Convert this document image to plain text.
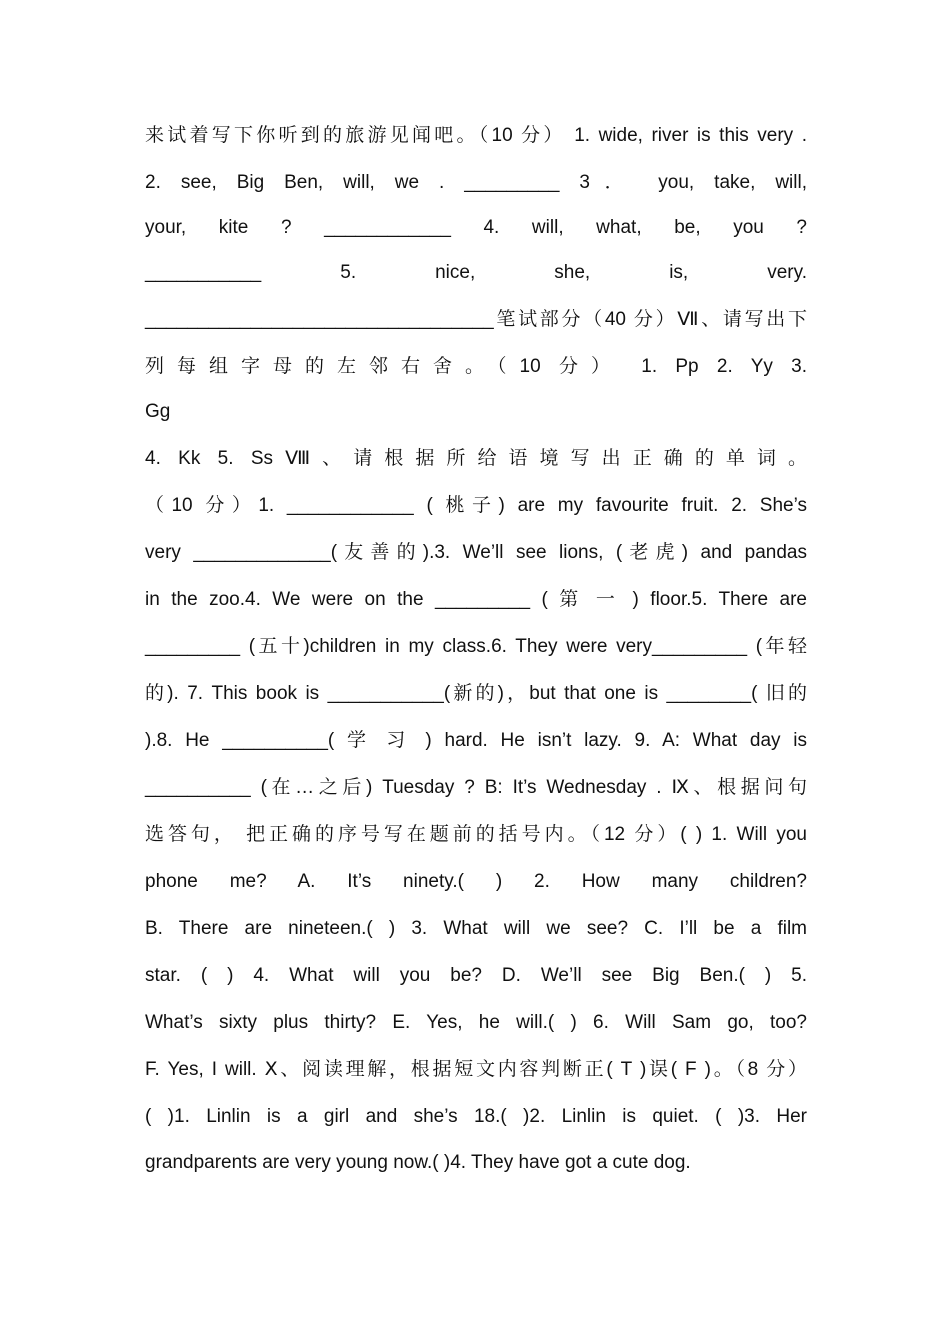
来试着写下你听到的旅游见闻吧。（10 分） 1. wide, river is this very .
2. see, Big Ben, will, we . _________ 3． you, take, will,
your, kite ? ____________ 4. will, what, be, you ?
___________ 5. nice, she, is, very.
_________________________________笔试部分（40 分）Ⅶ、请写出下
列每组字母的左邻右舍。（10 分） 1. Pp 2. Yy 3.
Gg
4. Kk 5. SsⅧ、请根据所给语境写出正确的单词。
（10 分）1. ____________ ( 桃子) are my favourite fruit. 2. She’s
very _____________(友善的).3. We’ll see lions, (老虎) and pandas
in the zoo.4. We were on the _________ ( 第 一 ) floor.5. There are
_________ (五十)children in my class.6. They were very_________ (年轻
的). 7. This book is ___________(新的)，but that one is ________( 旧的
).8. He __________( 学 习 ) hard. He isn’t lazy. 9. A: What day is
__________ (在…之后) Tuesday ? B: It’s Wednesday . Ⅸ、根据问句
选答句， 把正确的序号写在题前的括号内。（12 分）( ) 1. Will you
phone me? A. It’s ninety.( ) 2. How many children?
B. There are nineteen.( ) 3. What will we see? C. I’ll be a film
star. ( ) 4. What will you be? D. We’ll see Big Ben.( ) 5.
What’s sixty plus thirty? E. Yes, he will.( ) 6. Will Sam go, too?
F. Yes, I will. Ⅹ、阅读理解，根据短文内容判断正( T )误( F )。（8 分）
( )1. Linlin is a girl and she’s 18.( )2. Linlin is quiet. ( )3. Her
grandparents are very young now.( )4. They have got a cute dog.
